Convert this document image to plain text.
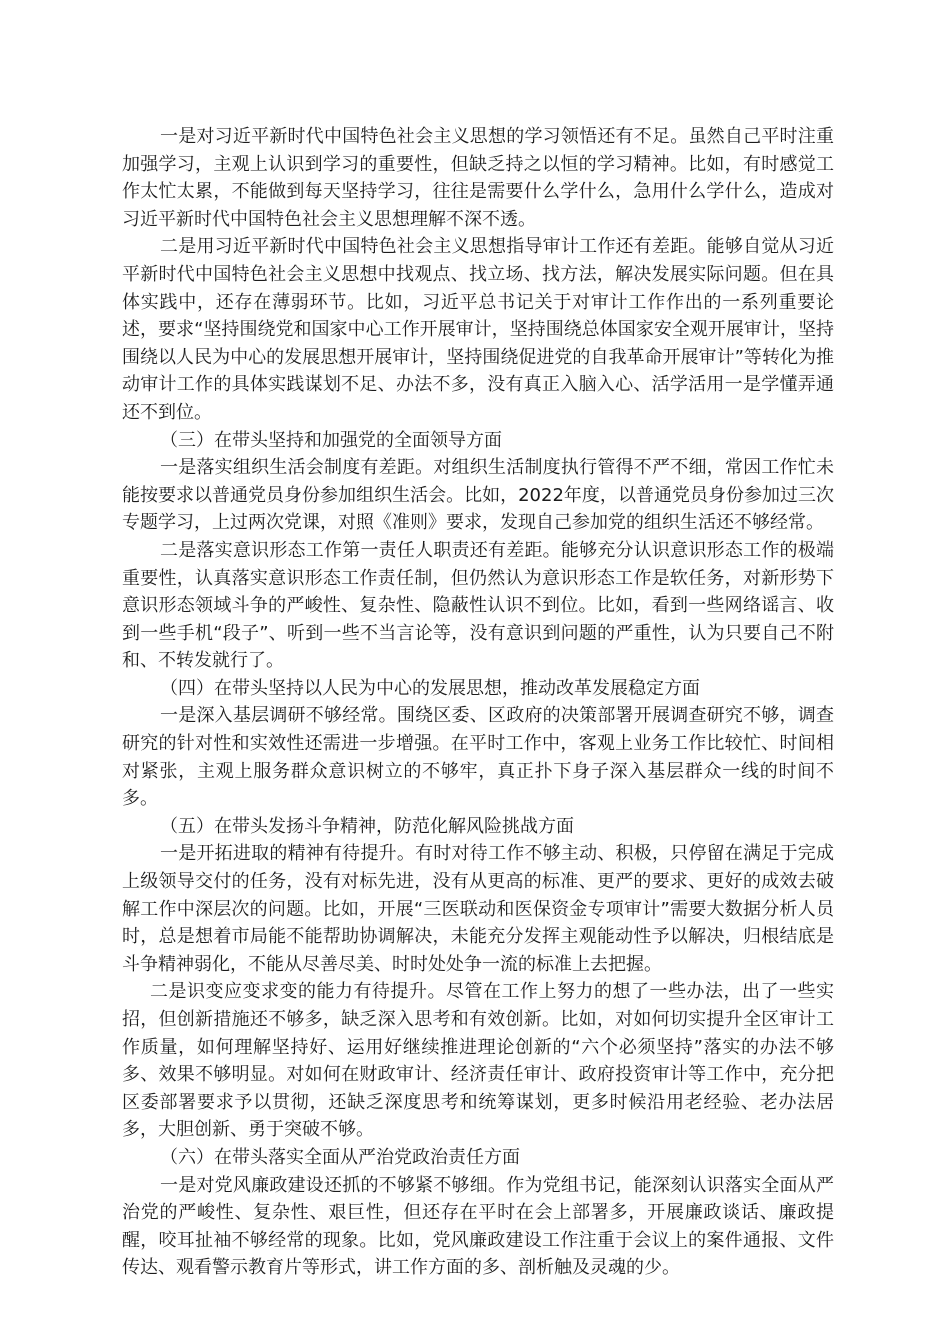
一是对习近平新时代中国特色社会主义思想的学习领悟还有不足。虽然自己平时注重加强学习，主观上认识到学习的重要性，但缺乏持之以恒的学习精神。比如，有时感觉工作太忙太累，不能做到每天坚持学习，往往是需要什么学什么，急用什么学什么，造成对习近平新时代中国特色社会主义思想理解不深不透。

二是用习近平新时代中国特色社会主义思想指导审计工作还有差距。能够自觉从习近平新时代中国特色社会主义思想中找观点、找立场、找方法，解决发展实际问题。但在具体实践中，还存在薄弱环节。比如，习近平总书记关于对审计工作作出的一系列重要论述，要求“坚持围绕党和国家中心工作开展审计，坚持围绕总体国家安全观开展审计，坚持围绕以人民为中心的发展思想开展审计，坚持围绕促进党的自我革命开展审计”等转化为推动审计工作的具体实践谋划不足、办法不多，没有真正入脑入心、活学活用一是学懂弄通还不到位。

（三）在带头坚持和加强党的全面领导方面

一是落实组织生活会制度有差距。对组织生活制度执行管得不严不细，常因工作忙未能按要求以普通党员身份参加组织生活会。比如，2022年度，以普通党员身份参加过三次专题学习，上过两次党课，对照《准则》要求，发现自己参加党的组织生活还不够经常。

二是落实意识形态工作第一责任人职责还有差距。能够充分认识意识形态工作的极端重要性，认真落实意识形态工作责任制，但仍然认为意识形态工作是软任务，对新形势下意识形态领域斗争的严峻性、复杂性、隐蔽性认识不到位。比如，看到一些网络谣言、收到一些手机“段子”、听到一些不当言论等，没有意识到问题的严重性，认为只要自己不附和、不转发就行了。

（四）在带头坚持以人民为中心的发展思想，推动改革发展稳定方面

一是深入基层调研不够经常。围绕区委、区政府的决策部署开展调查研究不够，调查研究的针对性和实效性还需进一步增强。在平时工作中，客观上业务工作比较忙、时间相对紧张，主观上服务群众意识树立的不够牢，真正扑下身子深入基层群众一线的时间不多。

（五）在带头发扬斗争精神，防范化解风险挑战方面

一是开拓进取的精神有待提升。有时对待工作不够主动、积极，只停留在满足于完成上级领导交付的任务，没有对标先进，没有从更高的标准、更严的要求、更好的成效去破解工作中深层次的问题。比如，开展“三医联动和医保资金专项审计”需要大数据分析人员时，总是想着市局能不能帮助协调解决，未能充分发挥主观能动性予以解决，归根结底是斗争精神弱化，不能从尽善尽美、时时处处争一流的标准上去把握。

二是识变应变求变的能力有待提升。尽管在工作上努力的想了一些办法，出了一些实招，但创新措施还不够多，缺乏深入思考和有效创新。比如，对如何切实提升全区审计工作质量，如何理解坚持好、运用好继续推进理论创新的“六个必须坚持”落实的办法不够多、效果不够明显。对如何在财政审计、经济责任审计、政府投资审计等工作中，充分把区委部署要求予以贯彻，还缺乏深度思考和统筹谋划，更多时候沿用老经验、老办法居多，大胆创新、勇于突破不够。

（六）在带头落实全面从严治党政治责任方面

一是对党风廉政建设还抓的不够紧不够细。作为党组书记，能深刻认识落实全面从严治党的严峻性、复杂性、艰巨性，但还存在平时在会上部署多，开展廉政谈话、廉政提醒，咬耳扯袖不够经常的现象。比如，党风廉政建设工作注重于会议上的案件通报、文件传达、观看警示教育片等形式，讲工作方面的多、剖析触及灵魂的少。
